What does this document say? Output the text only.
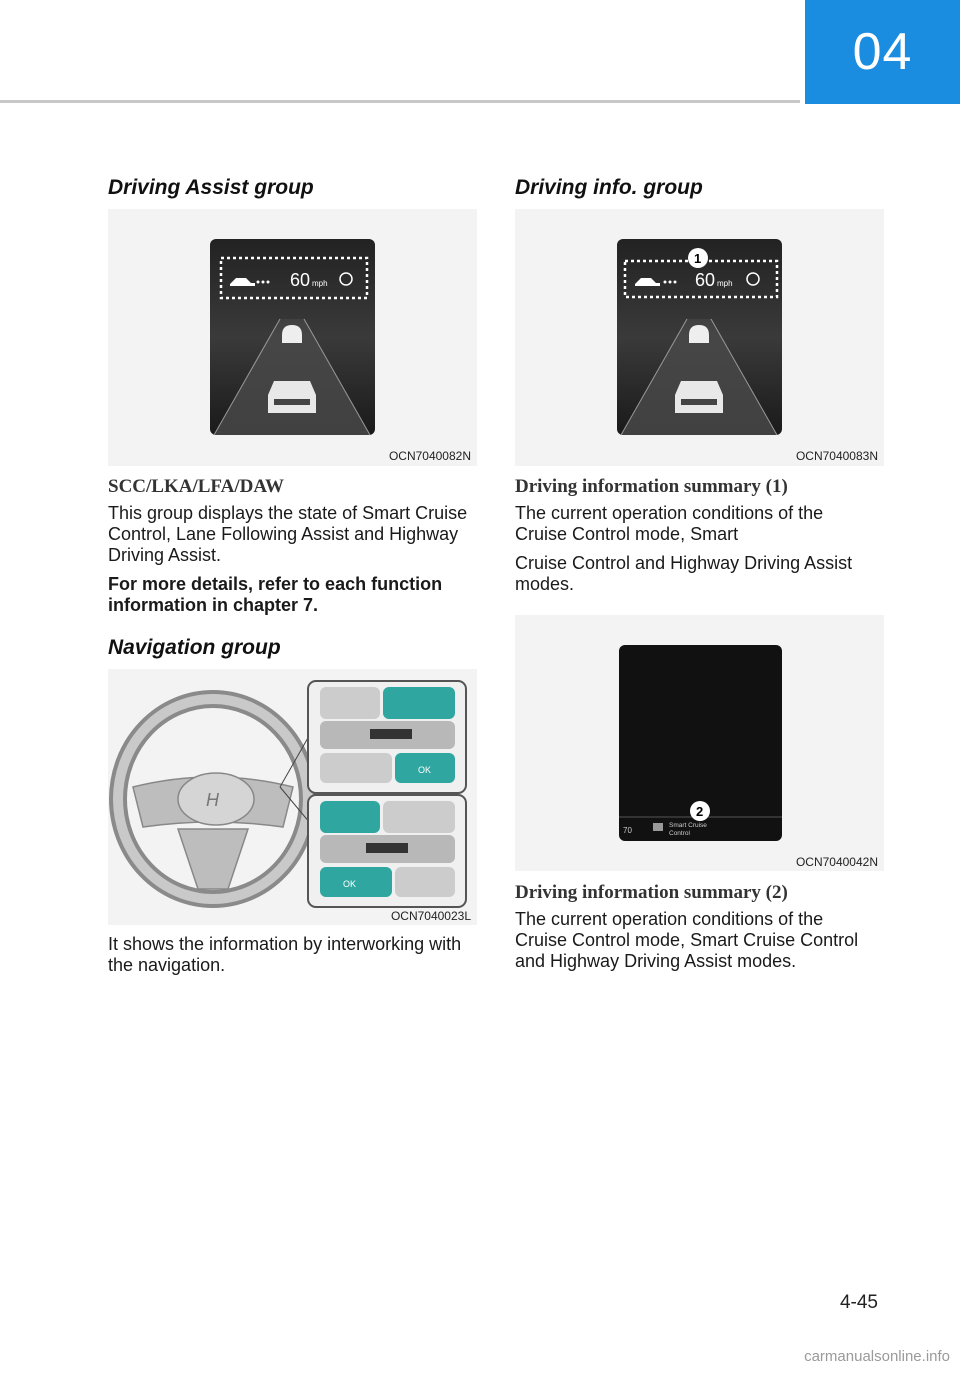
04
Driving Assist group
60 mph
OCN7040082N
SCC/LKA/LFA/DAW
This group displays the state of Smart Cruise Control, Lane Following Assist and Highway Driving Assist.
For more details, refer to each function information in chapter 7.
Navigation group
H
OK
OK
OCN7040023L
It shows the information by interworking with the navigation.
Driving info. group
1
60 mph
OCN7040083N
Driving information summary (1)
The current operation conditions of the Cruise Control mode, Smart
Cruise Control and Highway Driving Assist modes.
2
70
Smart Cruise
Control
OCN7040042N
Driving information summary (2)
The current operation conditions of the Cruise Control mode, Smart Cruise Control and Highway Driving Assist modes.
4-45
carmanualsonline.info
